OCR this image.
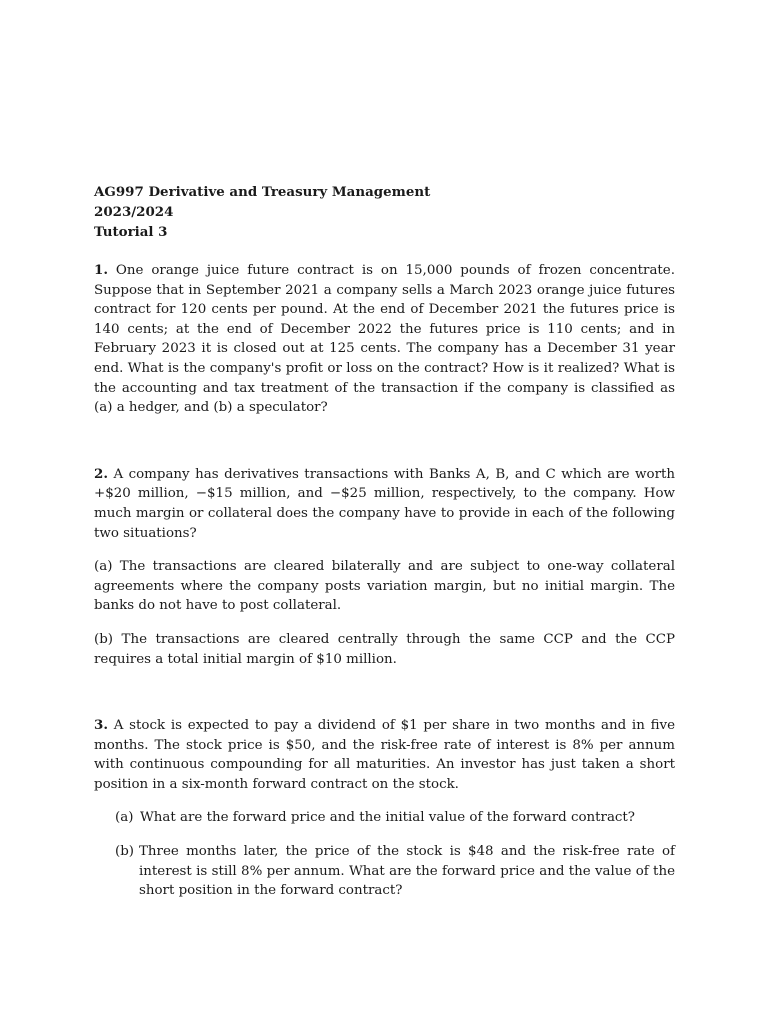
AG997 Derivative and Treasury Management
2023/2024
Tutorial 3

1. One orange juice future contract is on 15,000 pounds of frozen concentrate. Suppose that in September 2021 a company sells a March 2023 orange juice futures contract for 120 cents per pound. At the end of December 2021 the futures price is 140 cents; at the end of December 2022 the futures price is 110 cents; and in February 2023 it is closed out at 125 cents. The company has a December 31 year end. What is the company's profit or loss on the contract? How is it realized? What is the accounting and tax treatment of the transaction if the company is classified as (a) a hedger, and (b) a speculator?

2. A company has derivatives transactions with Banks A, B, and C which are worth +$20 million, −$15 million, and −$25 million, respectively, to the company. How much margin or collateral does the company have to provide in each of the following two situations?

(a) The transactions are cleared bilaterally and are subject to one-way collateral agreements where the company posts variation margin, but no initial margin. The banks do not have to post collateral.

(b) The transactions are cleared centrally through the same CCP and the CCP requires a total initial margin of $10 million.

3. A stock is expected to pay a dividend of $1 per share in two months and in five months. The stock price is $50, and the risk-free rate of interest is 8% per annum with continuous compounding for all maturities. An investor has just taken a short position in a six-month forward contract on the stock.

(a) What are the forward price and the initial value of the forward contract?
(b) Three months later, the price of the stock is $48 and the risk-free rate of interest is still 8% per annum. What are the forward price and the value of the short position in the forward contract?
